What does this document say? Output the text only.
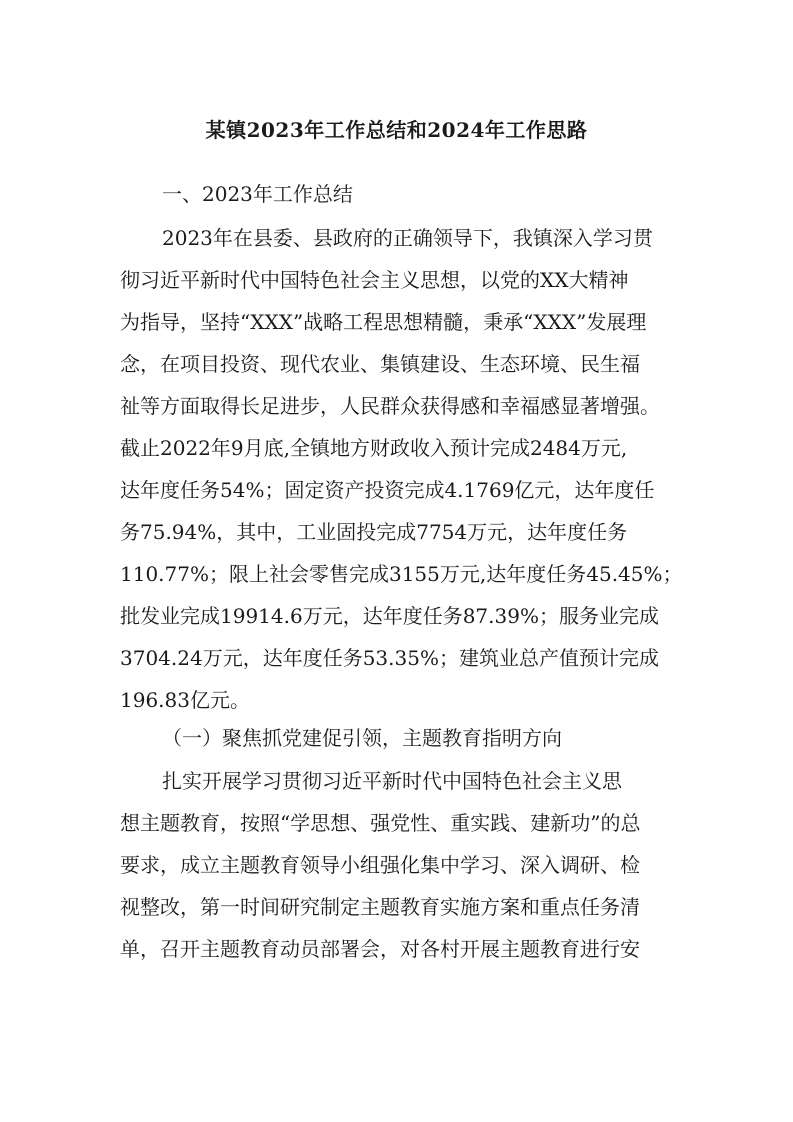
某镇2023年工作总结和2024年工作思路
一、2023年工作总结
2023年在县委、县政府的正确领导下，我镇深入学习贯
彻习近平新时代中国特色社会主义思想，以党的XX大精神
为指导，坚持“XXX”战略工程思想精髓，秉承“XXX”发展理
念，在项目投资、现代农业、集镇建设、生态环境、民生福
祉等方面取得长足进步，人民群众获得感和幸福感显著增强。
截止2022年9月底,全镇地方财政收入预计完成2484万元,
达年度任务54%；固定资产投资完成4.1769亿元，达年度任
务75.94%，其中，工业固投完成7754万元，达年度任务
110.77%；限上社会零售完成3155万元,达年度任务45.45%；
批发业完成19914.6万元，达年度任务87.39%；服务业完成
3704.24万元，达年度任务53.35%；建筑业总产值预计完成
196.83亿元。
（一）聚焦抓党建促引领，主题教育指明方向
扎实开展学习贯彻习近平新时代中国特色社会主义思
想主题教育，按照“学思想、强党性、重实践、建新功”的总
要求，成立主题教育领导小组强化集中学习、深入调研、检
视整改，第一时间研究制定主题教育实施方案和重点任务清
单，召开主题教育动员部署会，对各村开展主题教育进行安
